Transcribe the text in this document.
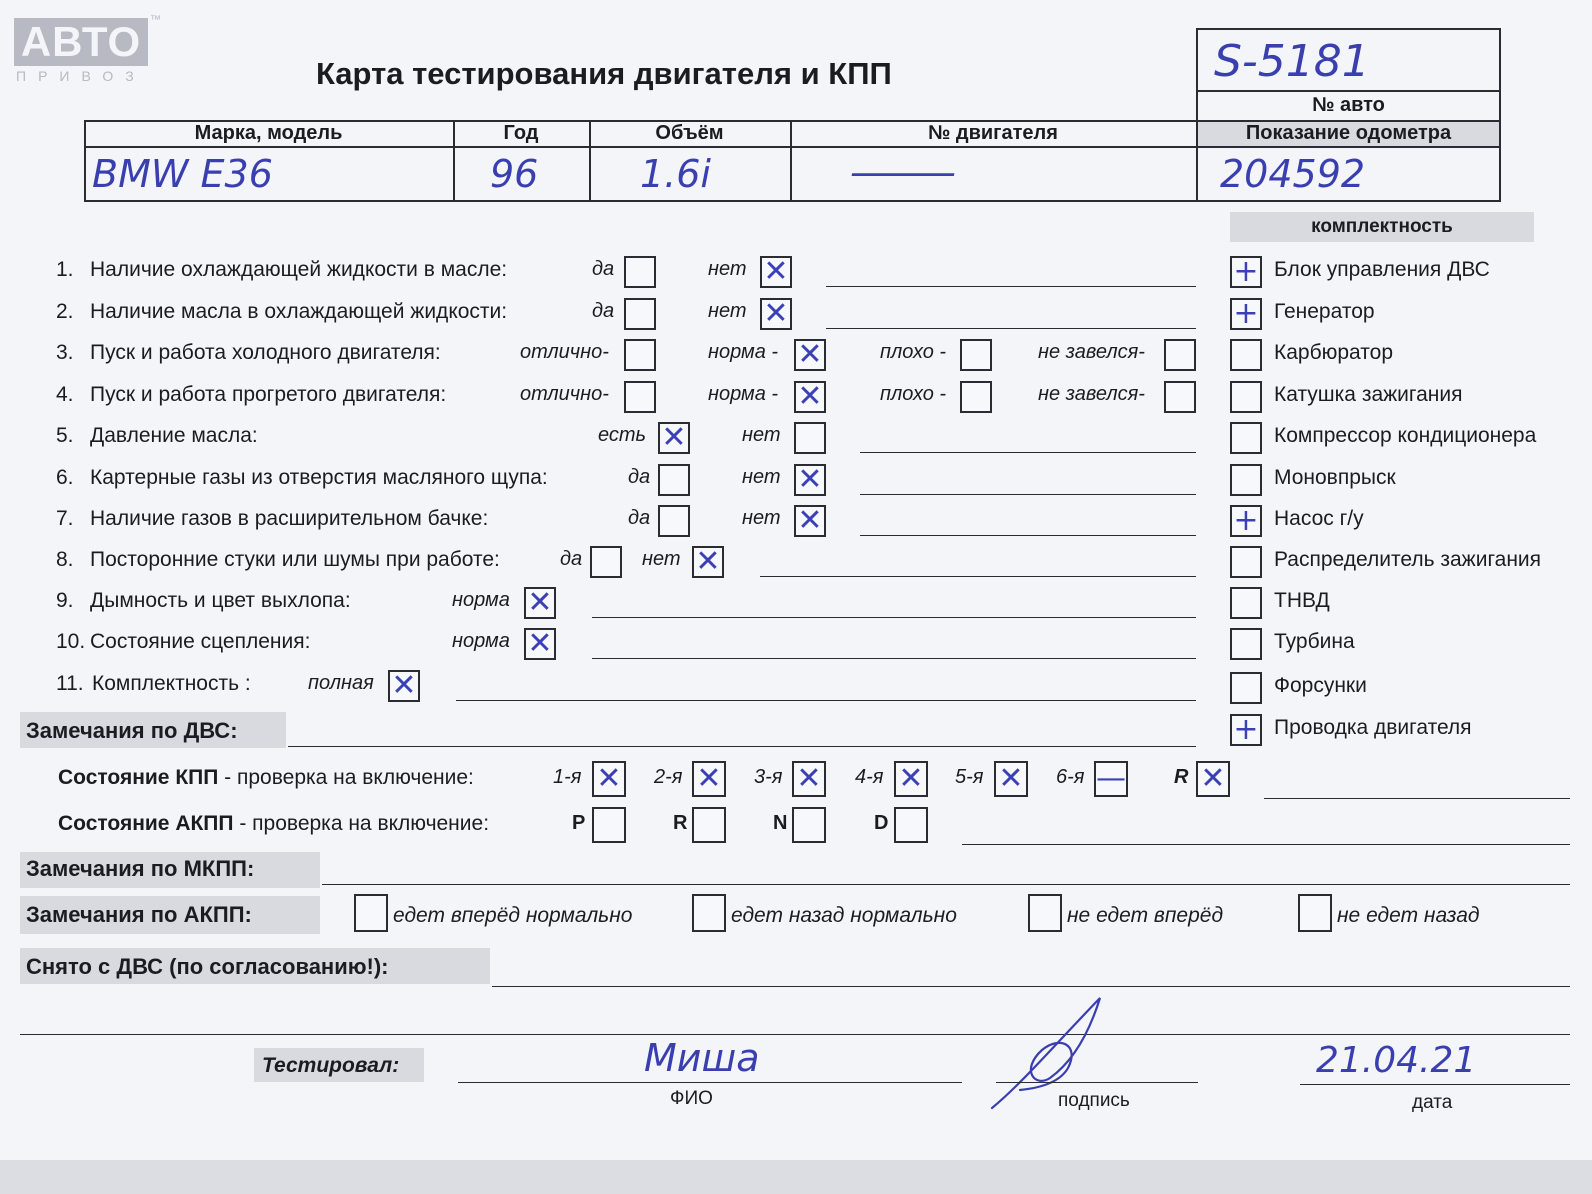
АВТО ™
ПРИВОЗ	Карта тестирования двигателя и КПП	S-5181
№ авто
Марка, модель	Год	Объём	№ двигателя	Показание одометра
BMW E36	96	1.6i	———	204592
комплектность
1. Наличие охлаждающей жидкости в масле:	да	нет ✕
2. Наличие масла в охлаждающей жидкости:	да	нет ✕
3. Пуск и работа холодного двигателя:	отлично-	норма - ✕	плохо -	не завелся-
4. Пуск и работа прогретого двигателя:	отлично-	норма - ✕	плохо -	не завелся-
5. Давление масла:	есть ✕	нет
6. Картерные газы из отверстия масляного щупа:	да	нет ✕
7. Наличие газов в расширительном бачке:	да	нет ✕
8. Посторонние стуки или шумы при работе:	да	нет ✕
9. Дымность и цвет выхлопа:	норма ✕
10. Состояние сцепления:	норма ✕
11. Комплектность :	полная ✕
+ Блок управления ДВС
+ Генератор
Карбюратор
Катушка зажигания
Компрессор кондиционера
Моновпрыск
+ Насос г/у
Распределитель зажигания
ТНВД
Турбина
Форсунки
+ Проводка двигателя
Замечания по ДВС:
Состояние КПП - проверка на включение:	1-я ✕ 2-я ✕ 3-я ✕ 4-я ✕ 5-я ✕ 6-я — R ✕
Состояние АКПП - проверка на включение:	P	R	N	D
Замечания по МКПП:
Замечания по АКПП:	едет вперёд нормально	едет назад нормально	не едет вперёд	не едет назад
Снято с ДВС (по согласованию!):
Тестировал:	Миша
ФИО	подпись
21.04.21
дата
